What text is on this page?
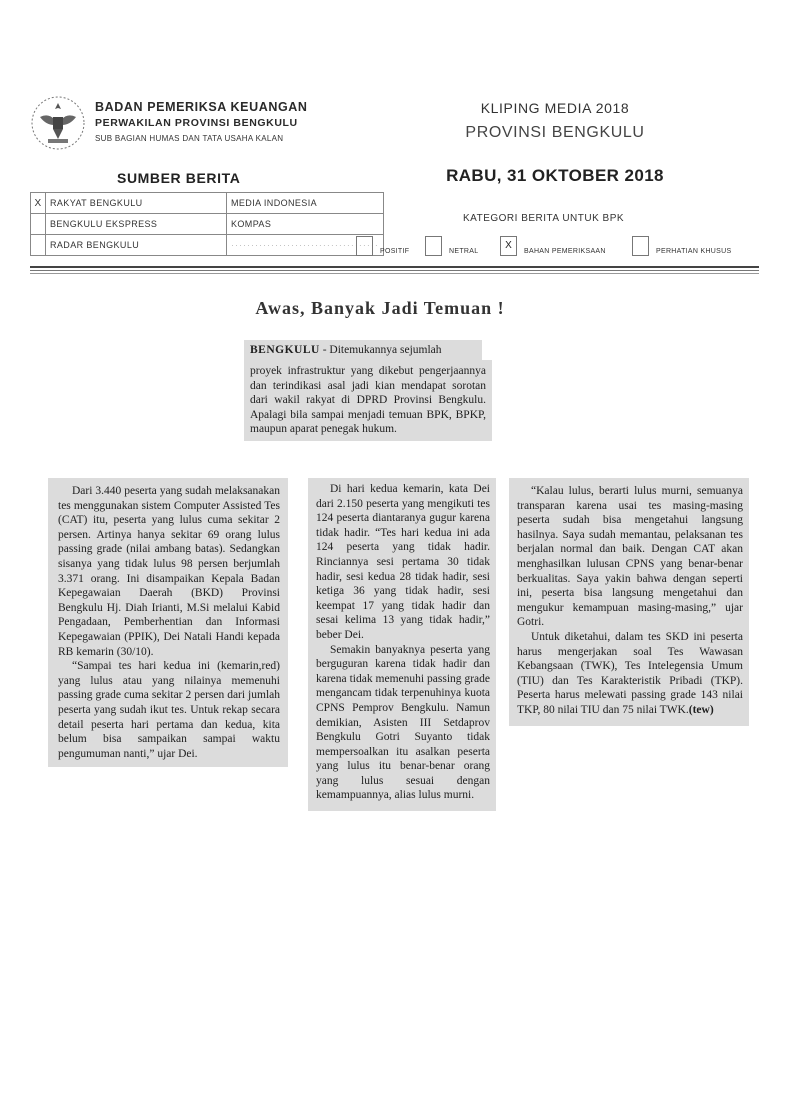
BADAN PEMERIKSA KEUANGAN
PERWAKILAN PROVINSI BENGKULU
SUB BAGIAN HUMAS DAN TATA USAHA KALAN
KLIPING MEDIA 2018
PROVINSI BENGKULU
RABU, 31 OKTOBER 2018
SUMBER BERITA
X	RAKYAT BENGKULU	MEDIA INDONESIA
	BENGKULU EKSPRESS	KOMPAS
	RADAR BENGKULU	·····································
KATEGORI BERITA UNTUK BPK
POSITIF	NETRAL
X
BAHAN PEMERIKSAAN	PERHATIAN KHUSUS
Awas, Banyak Jadi Temuan !
BENGKULU - Ditemukannya sejumlah

proyek infrastruktur yang dikebut pengerjaannya dan terindikasi asal jadi kian mendapat sorotan dari wakil rakyat di DPRD Provinsi Bengkulu. Apalagi bila sampai menjadi temuan BPK, BPKP, maupun aparat penegak hukum.

Dari 3.440 peserta yang sudah melaksanakan tes menggunakan sistem Computer Assisted Tes (CAT) itu, peserta yang lulus cuma sekitar 2 persen. Artinya hanya sekitar 69 orang lulus passing grade (nilai ambang batas). Sedangkan sisanya yang tidak lulus 98 persen berjumlah 3.371 orang. Ini disampaikan Kepala Badan Kepegawaian Daerah (BKD) Provinsi Bengkulu Hj. Diah Irianti, M.Si melalui Kabid Pengadaan, Pemberhentian dan Informasi Kepegawaian (PPIK), Dei Natali Handi kepada RB kemarin (30/10).

“Sampai tes hari kedua ini (kemarin,red) yang lulus atau yang nilainya memenuhi passing grade cuma sekitar 2 persen dari jumlah peserta yang sudah ikut tes. Untuk rekap secara detail peserta hari pertama dan kedua, kita belum bisa sampaikan sampai waktu pengumuman nanti,” ujar Dei.

Di hari kedua kemarin, kata Dei dari 2.150 peserta yang mengikuti tes 124 peserta diantaranya gugur karena tidak hadir. “Tes hari kedua ini ada 124 peserta yang tidak hadir. Rinciannya sesi pertama 30 tidak hadir, sesi kedua 28 tidak hadir, sesi ketiga 36 yang tidak hadir, sesi keempat 17 yang tidak hadir dan sesai kelima 13 yang tidak hadir,” beber Dei.

Semakin banyaknya peserta yang berguguran karena tidak hadir dan karena tidak memenuhi passing grade mengancam tidak terpenuhinya kuota CPNS Pemprov Bengkulu. Namun demikian, Asisten III Setdaprov Bengkulu Gotri Suyanto tidak mempersoalkan itu asalkan peserta yang lulus itu benar-benar orang yang lulus sesuai dengan kemampuannya, alias lulus murni.

“Kalau lulus, berarti lulus murni, semuanya transparan karena usai tes masing-masing peserta sudah bisa mengetahui langsung hasilnya. Saya sudah memantau, pelaksanan tes berjalan normal dan baik. Dengan CAT akan menghasilkan lulusan CPNS yang benar-benar berkualitas. Saya yakin bahwa dengan seperti ini, peserta bisa langsung mengetahui dan mengukur kemampuan masing-masing,” ujar Gotri.

Untuk diketahui, dalam tes SKD ini peserta harus mengerjakan soal Tes Wawasan Kebangsaan (TWK), Tes Intelegensia Umum (TIU) dan Tes Karakteristik Pribadi (TKP). Peserta harus melewati passing grade 143 nilai TKP, 80 nilai TIU dan 75 nilai TWK.(tew)
